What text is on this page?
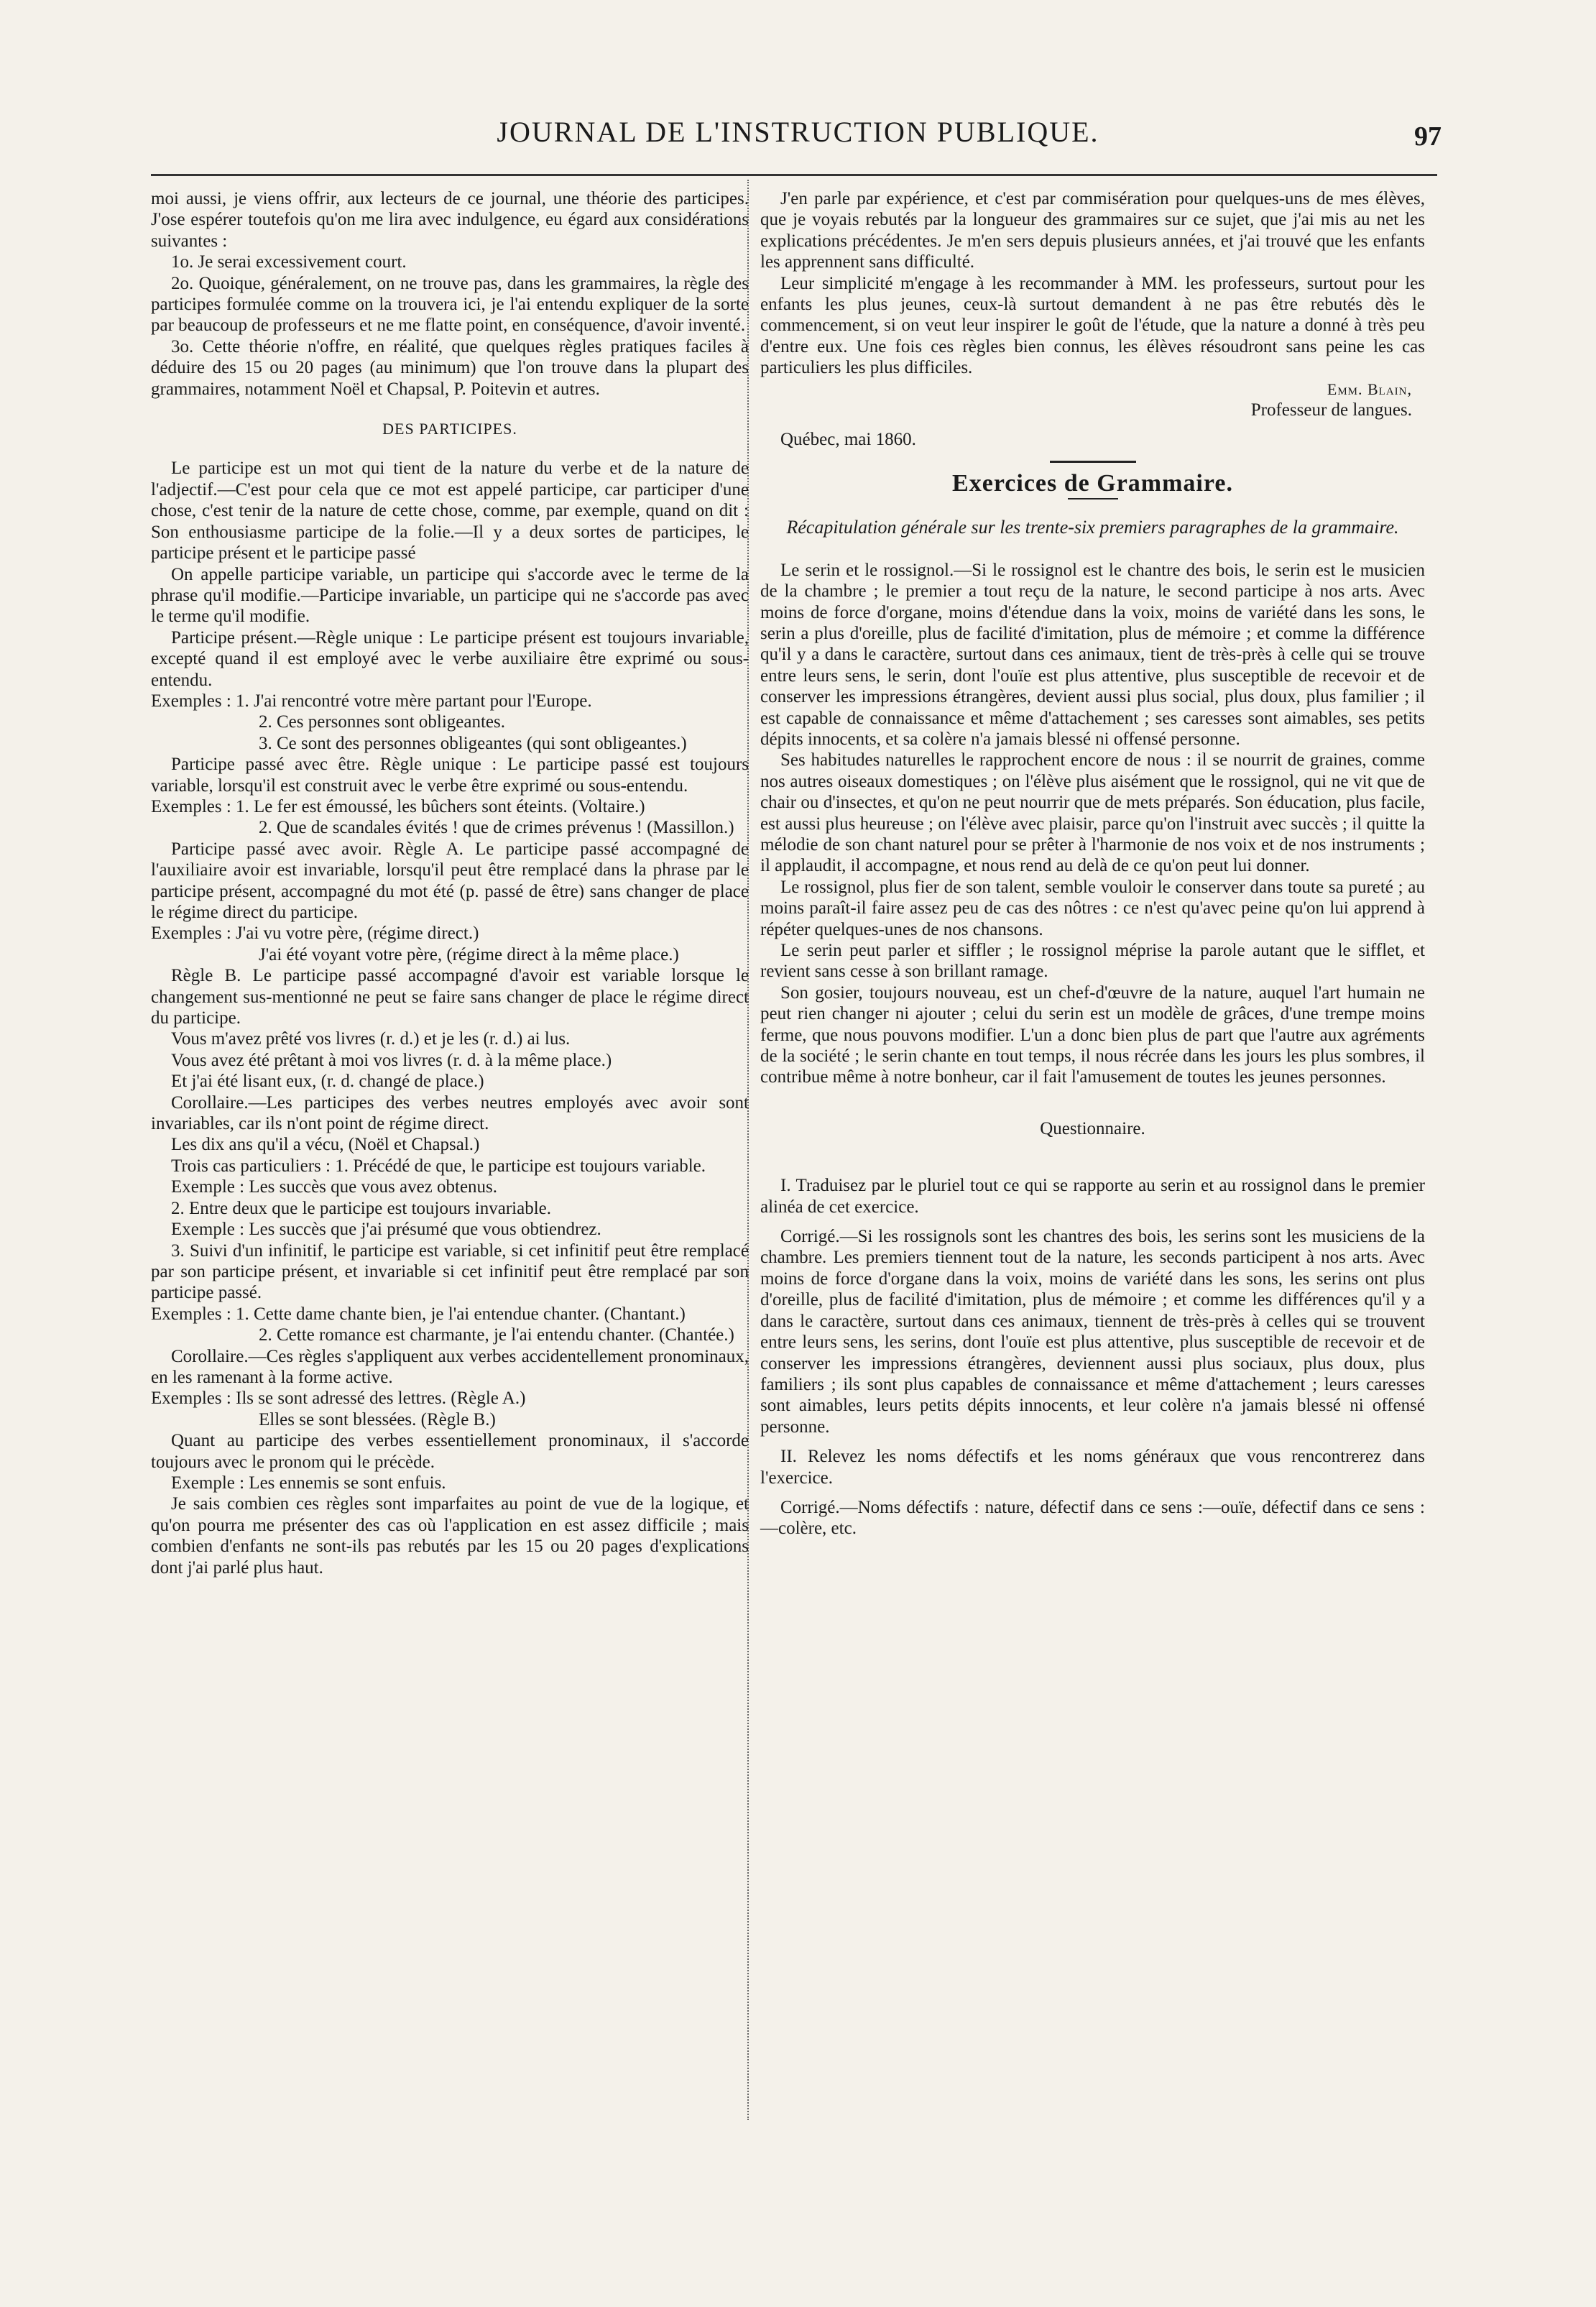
JOURNAL DE L'INSTRUCTION PUBLIQUE.	97

moi aussi, je viens offrir, aux lecteurs de ce journal, une théorie des participes. J'ose espérer toutefois qu'on me lira avec indulgence, eu égard aux considérations suivantes :

1o. Je serai excessivement court.

2o. Quoique, généralement, on ne trouve pas, dans les grammaires, la règle des participes formulée comme on la trouvera ici, je l'ai entendu expliquer de la sorte par beaucoup de professeurs et ne me flatte point, en conséquence, d'avoir inventé.

3o. Cette théorie n'offre, en réalité, que quelques règles pratiques faciles à déduire des 15 ou 20 pages (au minimum) que l'on trouve dans la plupart des grammaires, notamment Noël et Chapsal, P. Poitevin et autres.

DES PARTICIPES.

Le participe est un mot qui tient de la nature du verbe et de la nature de l'adjectif.—C'est pour cela que ce mot est appelé participe, car participer d'une chose, c'est tenir de la nature de cette chose, comme, par exemple, quand on dit : Son enthousiasme participe de la folie.—Il y a deux sortes de participes, le participe présent et le participe passé

On appelle participe variable, un participe qui s'accorde avec le terme de la phrase qu'il modifie.—Participe invariable, un participe qui ne s'accorde pas avec le terme qu'il modifie.

Participe présent.—Règle unique : Le participe présent est toujours invariable, excepté quand il est employé avec le verbe auxiliaire être exprimé ou sous-entendu.

Exemples : 1. J'ai rencontré votre mère partant pour l'Europe.

2. Ces personnes sont obligeantes.

3. Ce sont des personnes obligeantes (qui sont obligeantes.)

Participe passé avec être. Règle unique : Le participe passé est toujours variable, lorsqu'il est construit avec le verbe être exprimé ou sous-entendu.

Exemples : 1. Le fer est émoussé, les bûchers sont éteints. (Voltaire.)

2. Que de scandales évités ! que de crimes prévenus ! (Massillon.)

Participe passé avec avoir. Règle A. Le participe passé accompagné de l'auxiliaire avoir est invariable, lorsqu'il peut être remplacé dans la phrase par le participe présent, accompagné du mot été (p. passé de être) sans changer de place le régime direct du participe.

Exemples : J'ai vu votre père, (régime direct.)

J'ai été voyant votre père, (régime direct à la même place.)

Règle B. Le participe passé accompagné d'avoir est variable lorsque le changement sus-mentionné ne peut se faire sans changer de place le régime direct du participe.

Vous m'avez prêté vos livres (r. d.) et je les (r. d.) ai lus.

Vous avez été prêtant à moi vos livres (r. d. à la même place.)

Et j'ai été lisant eux, (r. d. changé de place.)

Corollaire.—Les participes des verbes neutres employés avec avoir sont invariables, car ils n'ont point de régime direct.

Les dix ans qu'il a vécu, (Noël et Chapsal.)

Trois cas particuliers : 1. Précédé de que, le participe est toujours variable.

Exemple : Les succès que vous avez obtenus.

2. Entre deux que le participe est toujours invariable.

Exemple : Les succès que j'ai présumé que vous obtiendrez.

3. Suivi d'un infinitif, le participe est variable, si cet infinitif peut être remplacé par son participe présent, et invariable si cet infinitif peut être remplacé par son participe passé.

Exemples : 1. Cette dame chante bien, je l'ai entendue chanter. (Chantant.)

2. Cette romance est charmante, je l'ai entendu chanter. (Chantée.)

Corollaire.—Ces règles s'appliquent aux verbes accidentellement pronominaux, en les ramenant à la forme active.

Exemples : Ils se sont adressé des lettres. (Règle A.)

Elles se sont blessées. (Règle B.)

Quant au participe des verbes essentiellement pronominaux, il s'accorde toujours avec le pronom qui le précède.

Exemple : Les ennemis se sont enfuis.

Je sais combien ces règles sont imparfaites au point de vue de la logique, et qu'on pourra me présenter des cas où l'application en est assez difficile ; mais combien d'enfants ne sont-ils pas rebutés par les 15 ou 20 pages d'explications dont j'ai parlé plus haut.

J'en parle par expérience, et c'est par commisération pour quelques-uns de mes élèves, que je voyais rebutés par la longueur des grammaires sur ce sujet, que j'ai mis au net les explications précédentes. Je m'en sers depuis plusieurs années, et j'ai trouvé que les enfants les apprennent sans difficulté.

Leur simplicité m'engage à les recommander à MM. les professeurs, surtout pour les enfants les plus jeunes, ceux-là surtout demandent à ne pas être rebutés dès le commencement, si on veut leur inspirer le goût de l'étude, que la nature a donné à très peu d'entre eux. Une fois ces règles bien connus, les élèves résoudront sans peine les cas particuliers les plus difficiles.

Emm. Blain,

Professeur de langues.

Québec, mai 1860.

Exercices de Grammaire.

Récapitulation générale sur les trente-six premiers paragraphes de la grammaire.

Le serin et le rossignol.—Si le rossignol est le chantre des bois, le serin est le musicien de la chambre ; le premier a tout reçu de la nature, le second participe à nos arts. Avec moins de force d'organe, moins d'étendue dans la voix, moins de variété dans les sons, le serin a plus d'oreille, plus de facilité d'imitation, plus de mémoire ; et comme la différence qu'il y a dans le caractère, surtout dans ces animaux, tient de très-près à celle qui se trouve entre leurs sens, le serin, dont l'ouïe est plus attentive, plus susceptible de recevoir et de conserver les impressions étrangères, devient aussi plus social, plus doux, plus familier ; il est capable de connaissance et même d'attachement ; ses caresses sont aimables, ses petits dépits innocents, et sa colère n'a jamais blessé ni offensé personne.

Ses habitudes naturelles le rapprochent encore de nous : il se nourrit de graines, comme nos autres oiseaux domestiques ; on l'élève plus aisément que le rossignol, qui ne vit que de chair ou d'insectes, et qu'on ne peut nourrir que de mets préparés. Son éducation, plus facile, est aussi plus heureuse ; on l'élève avec plaisir, parce qu'on l'instruit avec succès ; il quitte la mélodie de son chant naturel pour se prêter à l'harmonie de nos voix et de nos instruments ; il applaudit, il accompagne, et nous rend au delà de ce qu'on peut lui donner.

Le rossignol, plus fier de son talent, semble vouloir le conserver dans toute sa pureté ; au moins paraît-il faire assez peu de cas des nôtres : ce n'est qu'avec peine qu'on lui apprend à répéter quelques-unes de nos chansons.

Le serin peut parler et siffler ; le rossignol méprise la parole autant que le sifflet, et revient sans cesse à son brillant ramage.

Son gosier, toujours nouveau, est un chef-d'œuvre de la nature, auquel l'art humain ne peut rien changer ni ajouter ; celui du serin est un modèle de grâces, d'une trempe moins ferme, que nous pouvons modifier. L'un a donc bien plus de part que l'autre aux agréments de la société ; le serin chante en tout temps, il nous récrée dans les jours les plus sombres, il contribue même à notre bonheur, car il fait l'amusement de toutes les jeunes personnes.

Questionnaire.

I. Traduisez par le pluriel tout ce qui se rapporte au serin et au rossignol dans le premier alinéa de cet exercice.

Corrigé.—Si les rossignols sont les chantres des bois, les serins sont les musiciens de la chambre. Les premiers tiennent tout de la nature, les seconds participent à nos arts. Avec moins de force d'organe dans la voix, moins de variété dans les sons, les serins ont plus d'oreille, plus de facilité d'imitation, plus de mémoire ; et comme les différences qu'il y a dans le caractère, surtout dans ces animaux, tiennent de très-près à celles qui se trouvent entre leurs sens, les serins, dont l'ouïe est plus attentive, plus susceptible de recevoir et de conserver les impressions étrangères, deviennent aussi plus sociaux, plus doux, plus familiers ; ils sont plus capables de connaissance et même d'attachement ; leurs caresses sont aimables, leurs petits dépits innocents, et leur colère n'a jamais blessé ni offensé personne.

II. Relevez les noms défectifs et les noms généraux que vous rencontrerez dans l'exercice.

Corrigé.—Noms défectifs : nature, défectif dans ce sens :—ouïe, défectif dans ce sens :—colère, etc.
